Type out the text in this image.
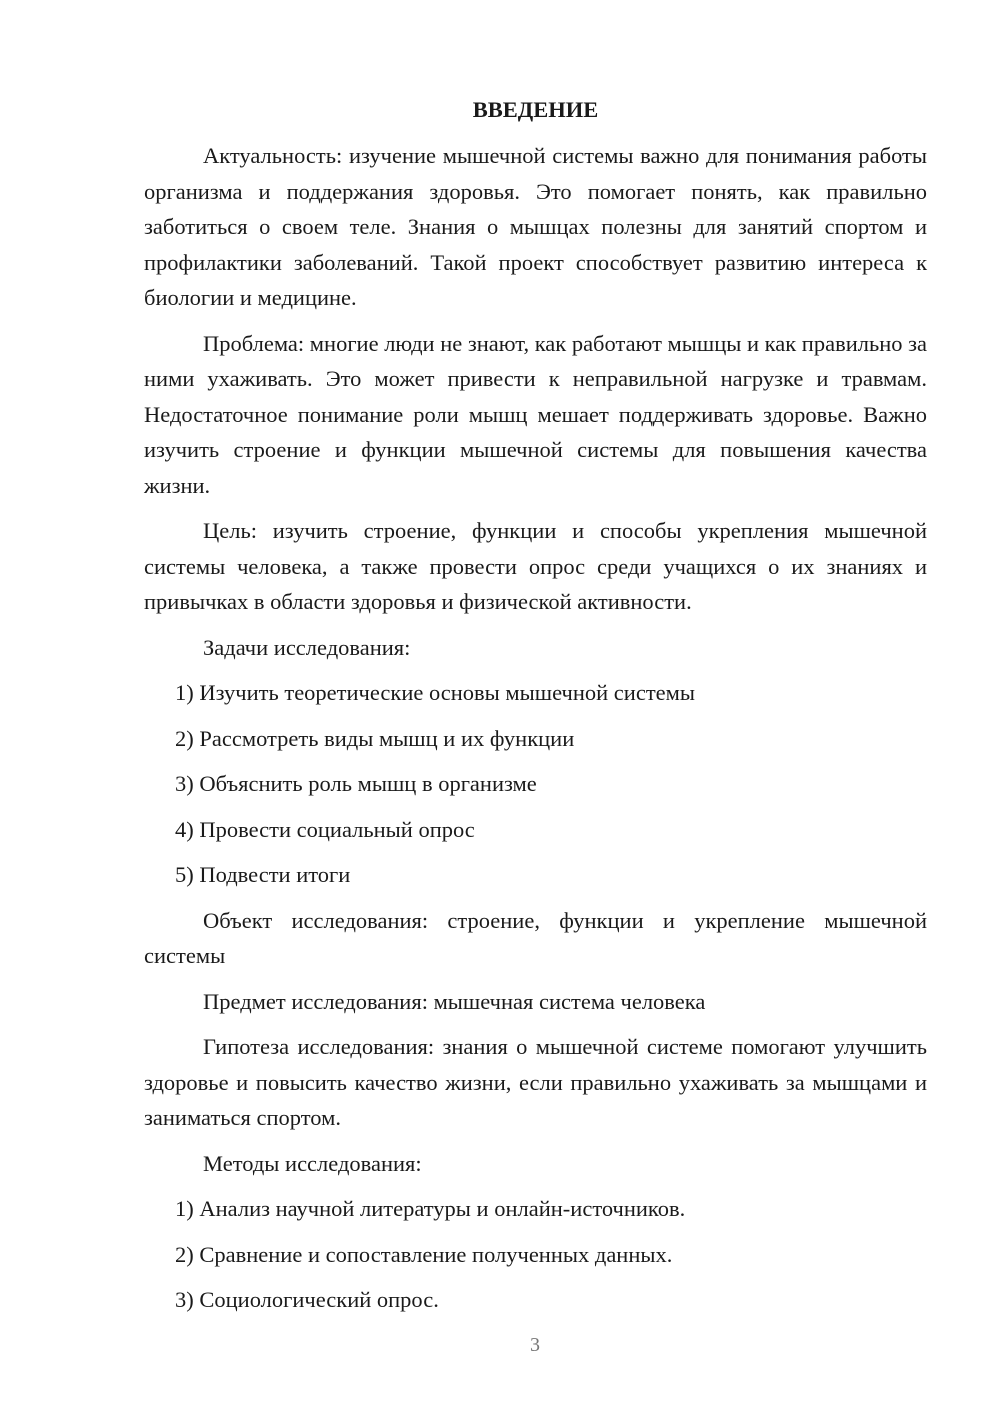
ВВЕДЕНИЕ

Актуальность: изучение мышечной системы важно для понимания работы организма и поддержания здоровья. Это помогает понять, как правильно заботиться о своем теле. Знания о мышцах полезны для занятий спортом и профилактики заболеваний. Такой проект способствует развитию интереса к биологии и медицине.

Проблема: многие люди не знают, как работают мышцы и как правильно за ними ухаживать. Это может привести к неправильной нагрузке и травмам. Недостаточное понимание роли мышц мешает поддерживать здоровье. Важно изучить строение и функции мышечной системы для повышения качества жизни.

Цель: изучить строение, функции и способы укрепления мышечной системы человека, а также провести опрос среди учащихся о их знаниях и привычках в области здоровья и физической активности.

Задачи исследования:

1) Изучить теоретические основы мышечной системы
2) Рассмотреть виды мышц и их функции
3) Объяснить роль мышц в организме
4) Провести социальный опрос
5) Подвести итоги

Объект исследования: строение, функции и укрепление мышечной системы

Предмет исследования: мышечная система человека

Гипотеза исследования: знания о мышечной системе помогают улучшить здоровье и повысить качество жизни, если правильно ухаживать за мышцами и заниматься спортом.

Методы исследования:

1) Анализ научной литературы и онлайн-источников.
2) Сравнение и сопоставление полученных данных.
3) Социологический опрос.
3
